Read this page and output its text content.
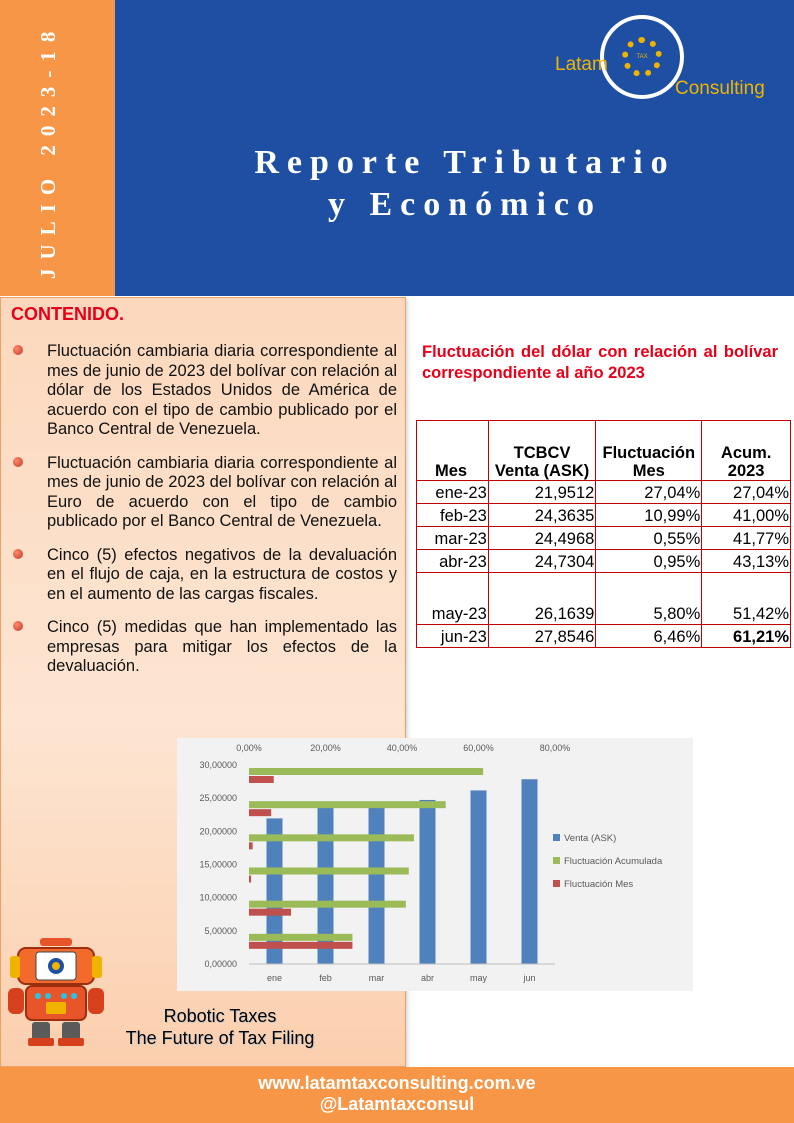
JULIO 2023-18	TAX
Latam
Consulting
Reporte Tributario
y Económico
CONTENIDO.
Fluctuación cambiaria diaria correspondiente al mes de junio de 2023 del bolívar con relación al dólar de los Estados Unidos de América de acuerdo con el tipo de cambio publicado por el Banco Central de Venezuela.
Fluctuación cambiaria diaria correspondiente al mes de junio de 2023 del bolívar con relación al Euro de acuerdo con el tipo de cambio publicado por el Banco Central de Venezuela.
Cinco (5) efectos negativos de la devaluación en el flujo de caja, en la estructura de costos y en el aumento de las cargas fiscales.
Cinco (5) medidas que han implementado las empresas para mitigar los efectos de la devaluación.
Robotic Taxes
The Future of Tax Filing
Fluctuación del dólar con relación al bolívar correspondiente al año 2023
Mes	TCBCV Venta (ASK)	Fluctuación Mes	Acum. 2023
ene-23	21,9512	27,04%	27,04%
feb-23	24,3635	10,99%	41,00%
mar-23	24,4968	0,55%	41,77%
abr-23	24,7304	0,95%	43,13%
may-23	26,1639	5,80%	51,42%
jun-23	27,8546	6,46%	61,21%
0,00000
5,00000
10,00000
15,00000
20,00000
25,00000
30,00000
0,00%	20,00%	40,00%	60,00%	80,00%
ene	feb	mar	abr	may	jun
Venta (ASK)
Fluctuación Acumulada
Fluctuación Mes
www.latamtaxconsulting.com.ve
@Latamtaxconsul
